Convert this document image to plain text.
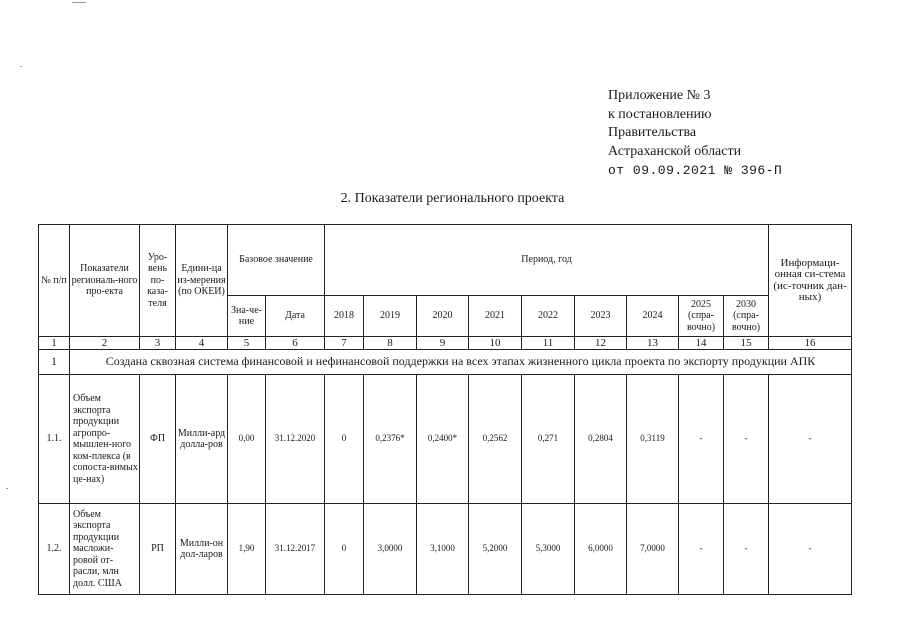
Приложение № 3
к постановлению
Правительства
Астраханской области
от 09.09.2021 № 396-П
2. Показатели регионального проекта
№ п/п	Показатели региональ-ного про-екта	Уро-вень по-каза-теля	Едини-ца из-мерения (по ОКЕИ)	Базовое значение		Период, год									Информаци-онная си-стема (ис-точник дан-ных)
				Зна-че-ние	Дата	2018	2019	2020	2021	2022	2023	2024	2025 (спра-вочно)	2030 (спра-вочно)	
1	2	3	4	5	6	7	8	9	10	11	12	13	14	15	16
1	Создана сквозная система финансовой и нефинансовой поддержки на всех этапах жизненного цикла проекта по экспорту продукции АПК														
1.1.	Объем экспорта продукции агропро-мышлен-ного ком-плекса (в сопоста-вимых це-нах)	ФП	Милли-ард долла-ров	0,00	31.12.2020	0	0,2376*	0,2400*	0,2562	0,271	0,2804	0,3119	-	-	-
1.2.	Объем экспорта продукции масложи-ровой от-расли, млн долл. США	РП	Милли-он дол-ларов	1,90	31.12.2017	0	3,0000	3,1000	5,2000	5,3000	6,0000	7,0000	-	-	-
